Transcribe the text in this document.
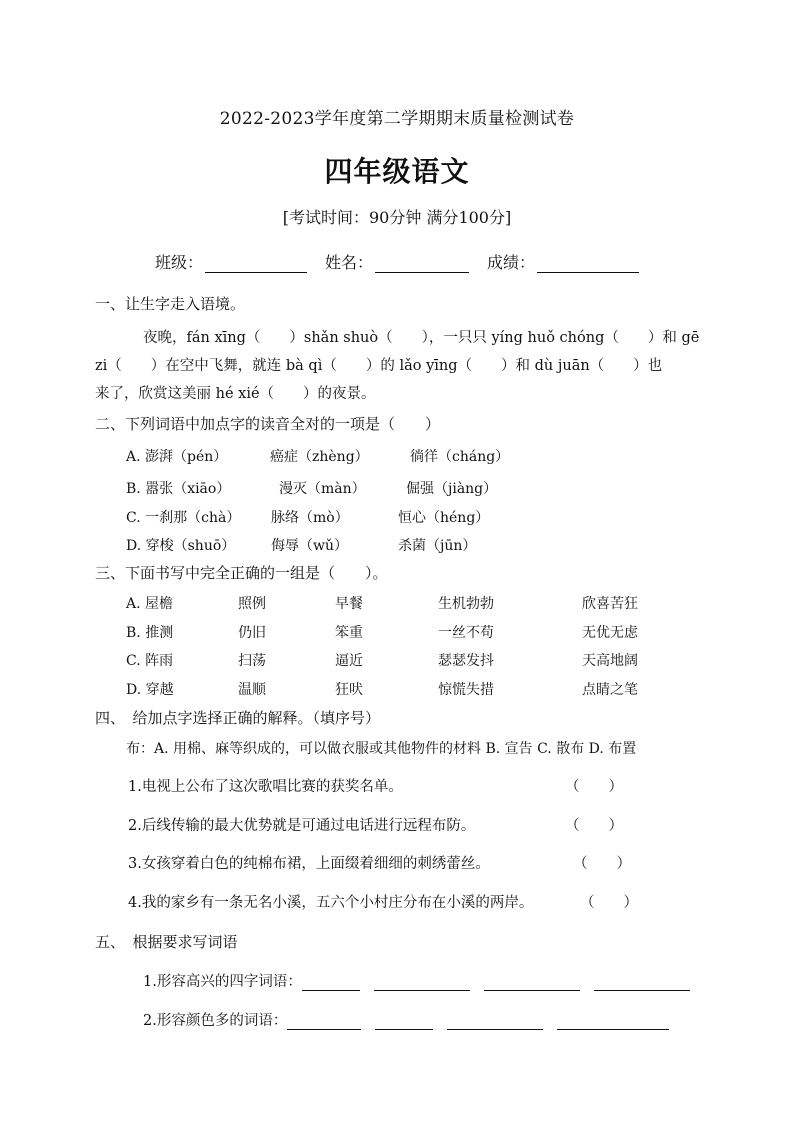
2022-2023学年度第二学期期末质量检测试卷
四年级语文
[考试时间：90分钟 满分100分]
班级：	姓名：	成绩：
一、让生字走入语境。
夜晚，fán xīng（　　）shǎn shuò（　　），一只只 yíng huǒ chóng（　　）和 gē
zi（　　）在空中飞舞，就连 bà qì（　　）的 lǎo yīng（　　）和 dù juān（　　）也
来了，欣赏这美丽 hé xié（　　）的夜景。
二、下列词语中加点字的读音全对的一项是（　　）
A. 澎湃（pén）	癌症（zhèng）	徜徉（cháng）
B. 嚣张（xiāo）	漫灭（màn）	倔强（jiàng）
C. 一刹那（chà） 脉络（mò）	恒心（héng）
D. 穿梭（shuō）	侮辱（wǔ）	杀菌（jūn）
三、下面书写中完全正确的一组是（　　）。
A. 屋檐	照例	早餐	生机勃勃	欣喜苦狂
B. 推测	仍旧	笨重	一丝不苟	无优无虑
C. 阵雨	扫荡	逼近	瑟瑟发抖	天高地阔
D. 穿越	温顺	狂吠	惊慌失措	点睛之笔
四、　给加点字选择正确的解释。（填序号）
布：A. 用棉、麻等织成的，可以做衣服或其他物件的材料 B. 宣告 C. 散布 D. 布置
1.电视上公布了这次歌唱比赛的获奖名单。	（　　）
2.后线传输的最大优势就是可通过电话进行远程布防。	（　　）
3.女孩穿着白色的纯棉布裙，上面缀着细细的刺绣蕾丝。	（　　）
4.我的家乡有一条无名小溪，五六个小村庄分布在小溪的两岸。	（　　）
五、　根据要求写词语
1.形容高兴的四字词语：
2.形容颜色多的词语：
